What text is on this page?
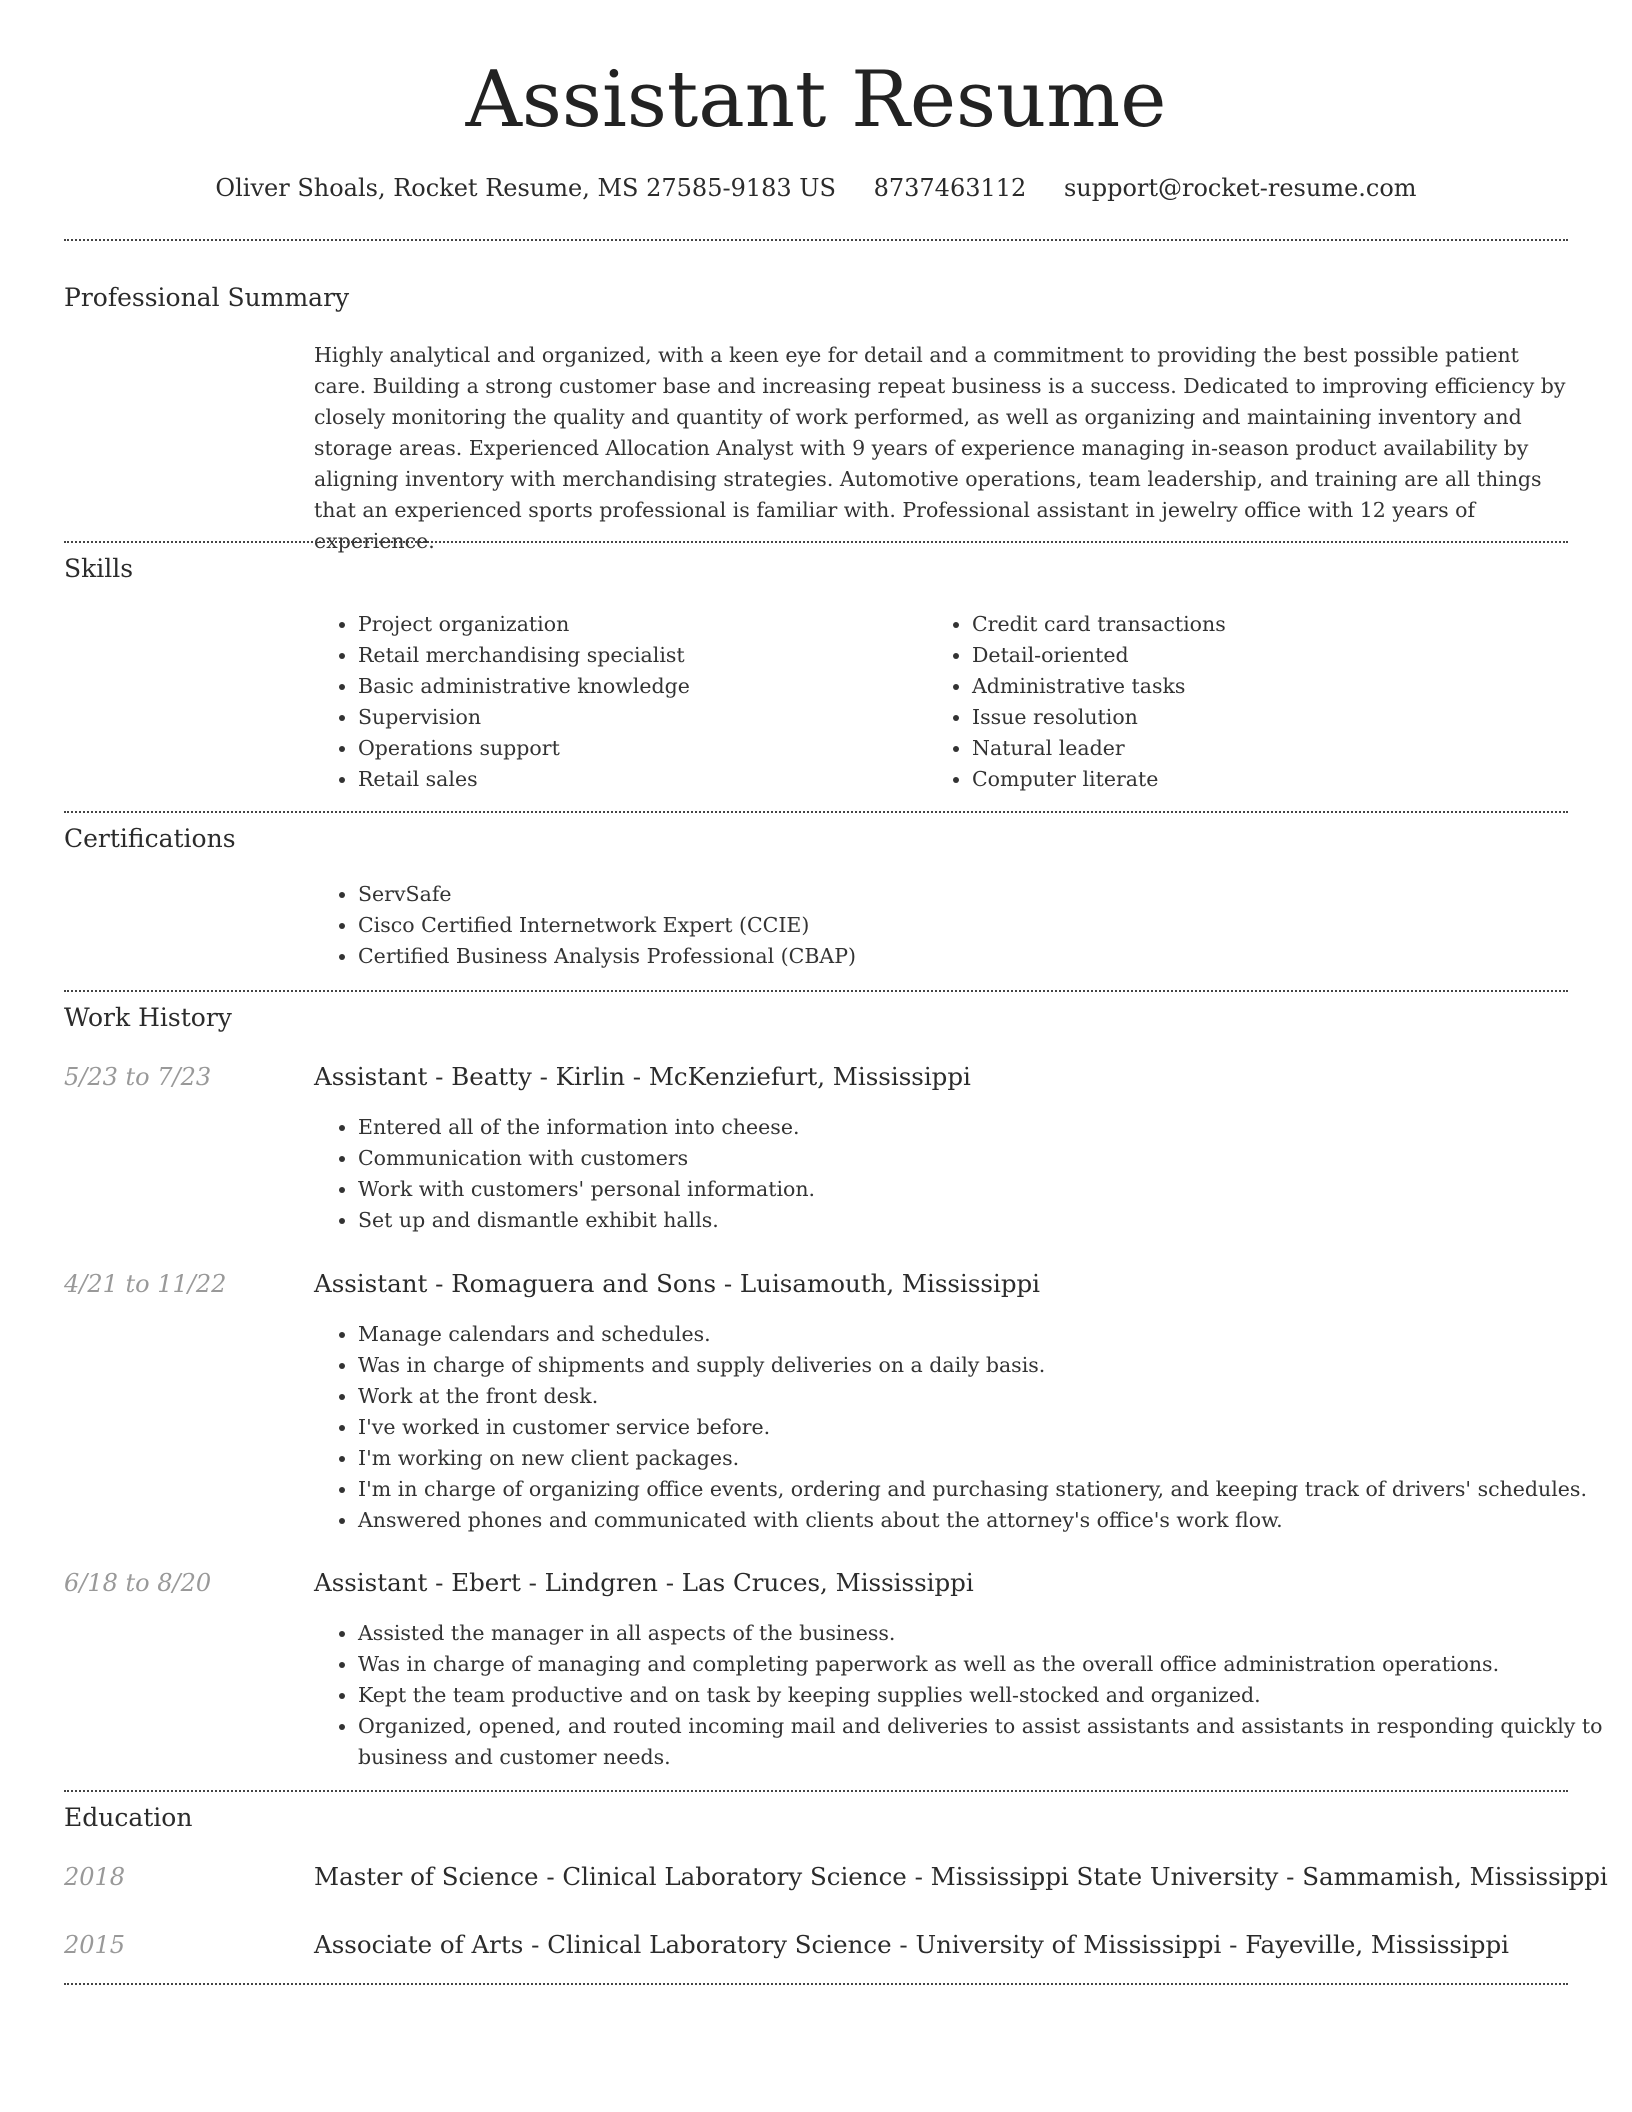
Assistant Resume
Oliver Shoals, Rocket Resume, MS 27585-9183 US 8737463112 support@rocket-resume.com
Professional Summary

Highly analytical and organized, with a keen eye for detail and a commitment to providing the best possible patient care. Building a strong customer base and increasing repeat business is a success. Dedicated to improving efficiency by closely monitoring the quality and quantity of work performed, as well as organizing and maintaining inventory and storage areas. Experienced Allocation Analyst with 9 years of experience managing in-season product availability by aligning inventory with merchandising strategies. Automotive operations, team leadership, and training are all things that an experienced sports professional is familiar with. Professional assistant in jewelry office with 12 years of experience.

Skills
• Project organization
• Retail merchandising specialist
• Basic administrative knowledge
• Supervision
• Operations support
• Retail sales
• Credit card transactions
• Detail-oriented
• Administrative tasks
• Issue resolution
• Natural leader
• Computer literate
Certifications
• ServSafe
• Cisco Certified Internetwork Expert (CCIE)
• Certified Business Analysis Professional (CBAP)
Work History
5/23 to 7/23	Assistant - Beatty - Kirlin - McKenziefurt, Mississippi
• Entered all of the information into cheese.
• Communication with customers
• Work with customers' personal information.
• Set up and dismantle exhibit halls.
4/21 to 11/22	Assistant - Romaguera and Sons - Luisamouth, Mississippi
• Manage calendars and schedules.
• Was in charge of shipments and supply deliveries on a daily basis.
• Work at the front desk.
• I've worked in customer service before.
• I'm working on new client packages.
• I'm in charge of organizing office events, ordering and purchasing stationery, and keeping track of drivers' schedules.
• Answered phones and communicated with clients about the attorney's office's work flow.
6/18 to 8/20	Assistant - Ebert - Lindgren - Las Cruces, Mississippi
• Assisted the manager in all aspects of the business.
• Was in charge of managing and completing paperwork as well as the overall office administration operations.
• Kept the team productive and on task by keeping supplies well-stocked and organized.
• Organized, opened, and routed incoming mail and deliveries to assist assistants and assistants in responding quickly to business and customer needs.
Education
2018	Master of Science - Clinical Laboratory Science - Mississippi State University - Sammamish, Mississippi
2015	Associate of Arts - Clinical Laboratory Science - University of Mississippi - Fayeville, Mississippi
